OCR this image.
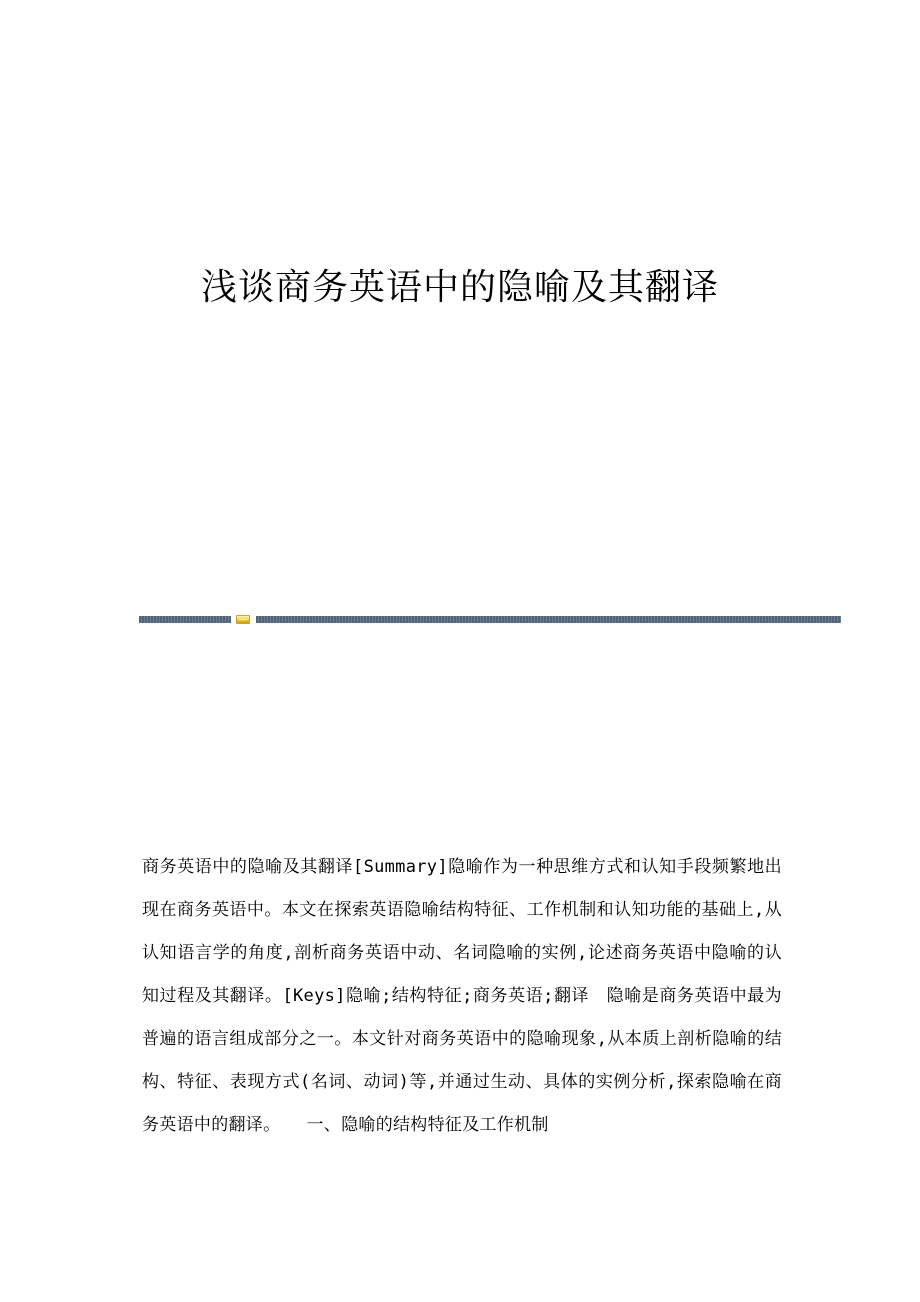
浅谈商务英语中的隐喻及其翻译

商务英语中的隐喻及其翻译[Summary]隐喻作为一种思维方式和认知手段频繁地出现在商务英语中。本文在探索英语隐喻结构特征、工作机制和认知功能的基础上,从认知语言学的角度,剖析商务英语中动、名词隐喻的实例,论述商务英语中隐喻的认知过程及其翻译。[Keys]隐喻;结构特征;商务英语;翻译　隐喻是商务英语中最为普遍的语言组成部分之一。本文针对商务英语中的隐喻现象,从本质上剖析隐喻的结构、特征、表现方式(名词、动词)等,并通过生动、具体的实例分析,探索隐喻在商务英语中的翻译。　　一、隐喻的结构特征及工作机制
